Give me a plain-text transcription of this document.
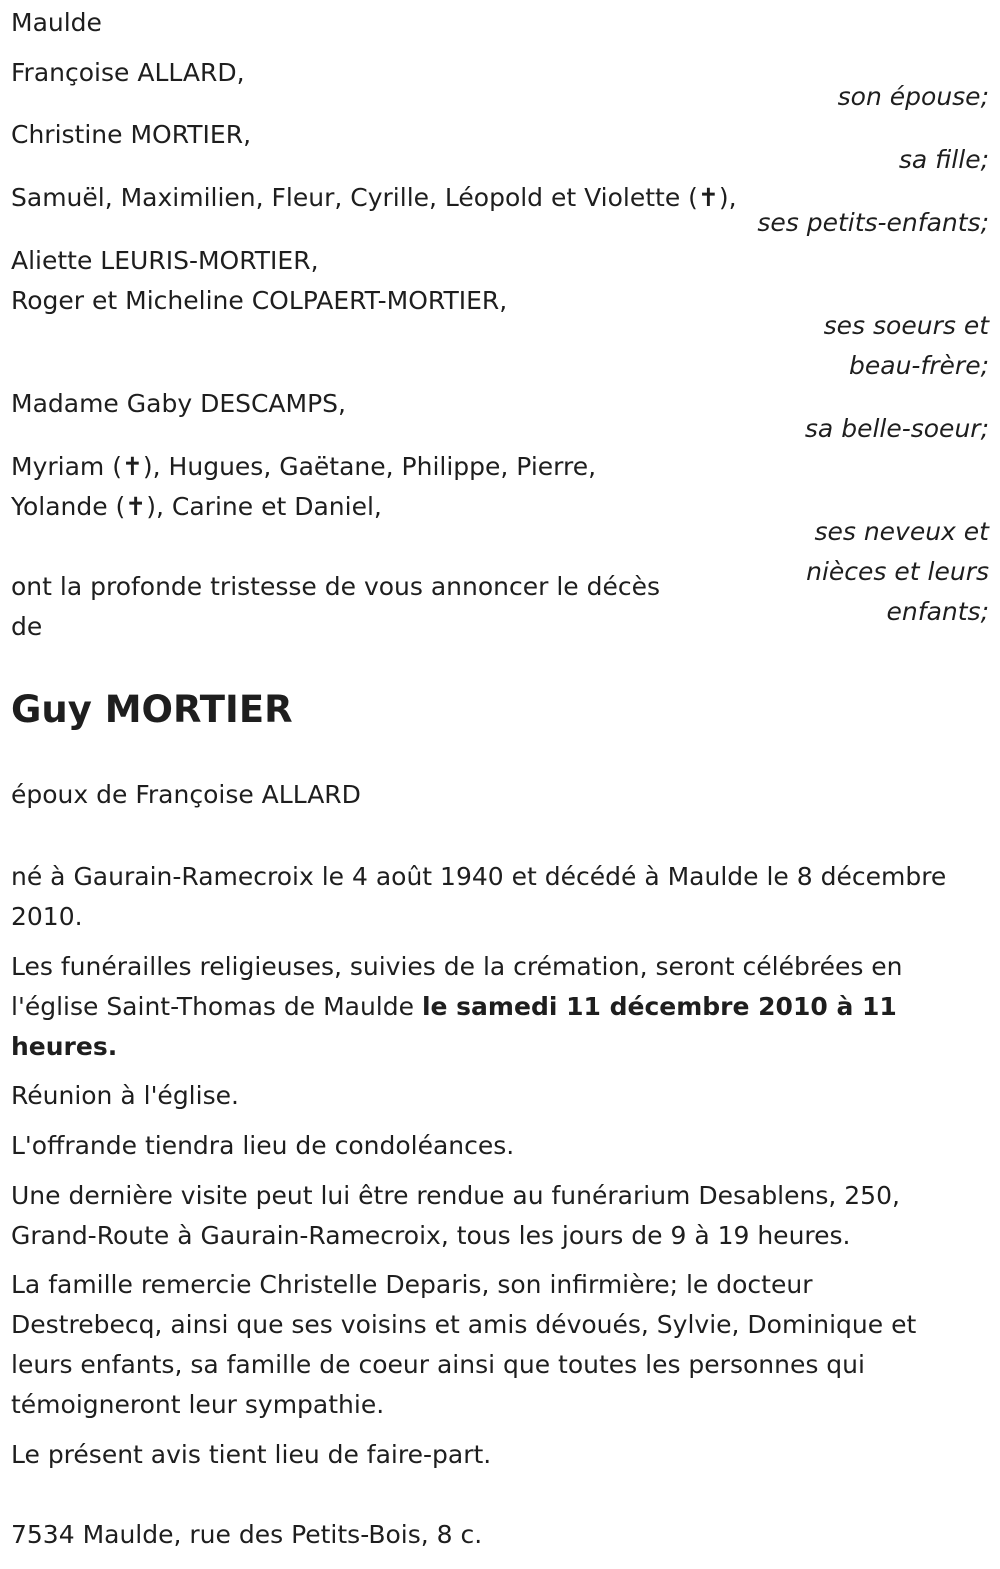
Maulde
Françoise ALLARD,
son épouse;
Christine MORTIER,
sa fille;
Samuël, Maximilien, Fleur, Cyrille, Léopold et Violette (✝),
ses petits-enfants;
Aliette LEURIS-MORTIER,
Roger et Micheline COLPAERT-MORTIER,
ses soeurs et
beau-frère;
Madame Gaby DESCAMPS,
sa belle-soeur;
Myriam (✝), Hugues, Gaëtane, Philippe, Pierre,
Yolande (✝), Carine et Daniel,
ses neveux et
nièces et leurs
enfants;
ont la profonde tristesse de vous annoncer le décès
de
Guy MORTIER
époux de Françoise ALLARD
né à Gaurain-Ramecroix le 4 août 1940 et décédé à Maulde le 8 décembre 2010.
Les funérailles religieuses, suivies de la crémation, seront célébrées en l'église Saint-Thomas de Maulde le samedi 11 décembre 2010 à 11 heures.
Réunion à l'église.
L'offrande tiendra lieu de condoléances.
Une dernière visite peut lui être rendue au funérarium Desablens, 250, Grand-Route à Gaurain-Ramecroix, tous les jours de 9 à 19 heures.
La famille remercie Christelle Deparis, son infirmière; le docteur Destrebecq, ainsi que ses voisins et amis dévoués, Sylvie, Dominique et leurs enfants, sa famille de coeur ainsi que toutes les personnes qui témoigneront leur sympathie.
Le présent avis tient lieu de faire-part.
7534 Maulde, rue des Petits-Bois, 8 c.
